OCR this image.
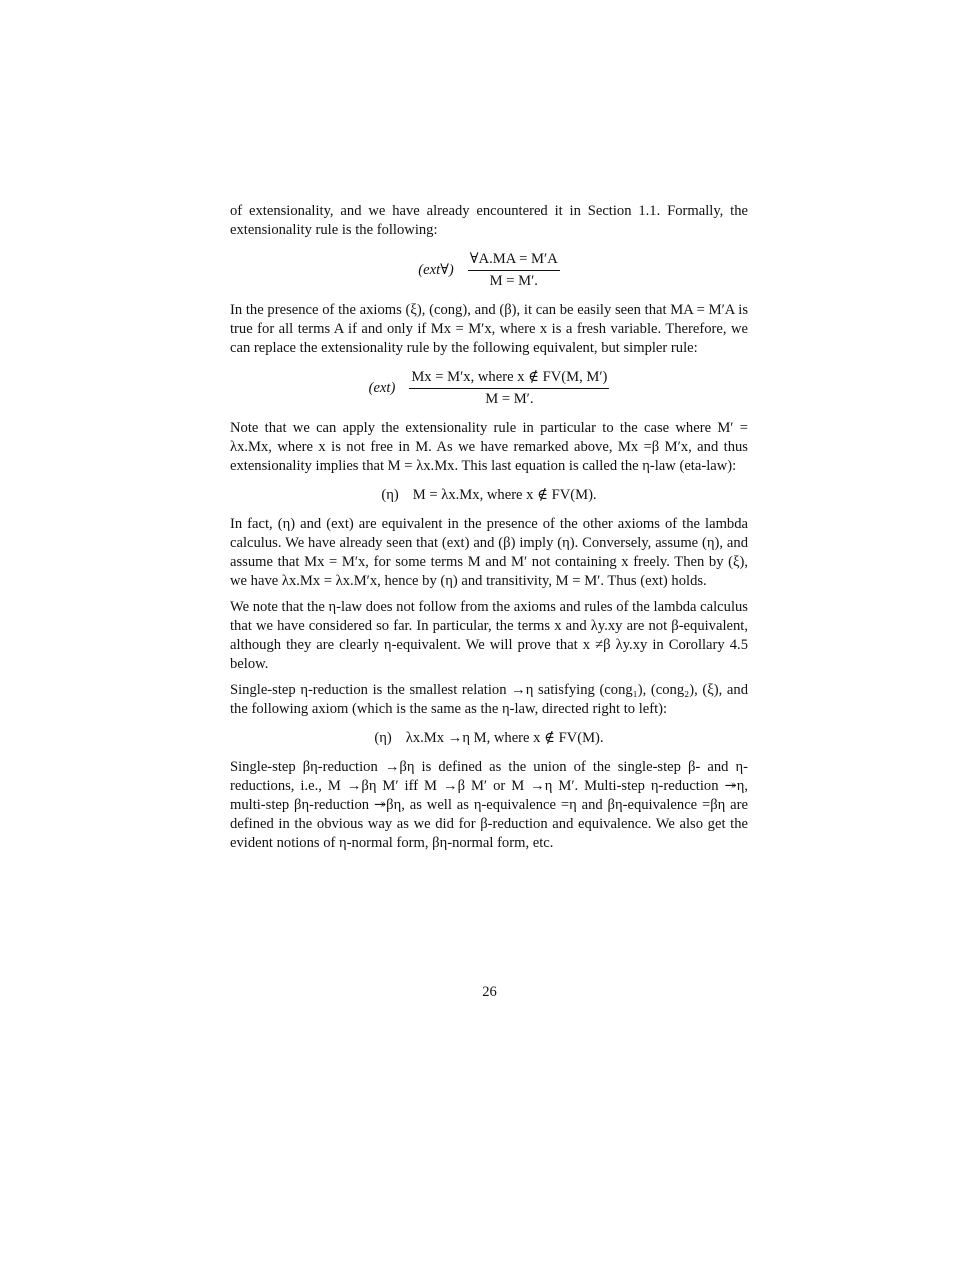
of extensionality, and we have already encountered it in Section 1.1. Formally, the extensionality rule is the following:

(ext∀) $\frac{\forall A.MA = M'A}{M = M'.}$

In the presence of the axioms (ξ), (cong), and (β), it can be easily seen that MA = M′A is true for all terms A if and only if Mx = M′x, where x is a fresh variable. Therefore, we can replace the extensionality rule by the following equivalent, but simpler rule:

$(ext) \frac{\text{Mx = M′x, where x ∉ FV(M, M′)}}{M = M'.}$

Note that we can apply the extensionality rule in particular to the case where M′ = λx.Mx, where x is not free in M. As we have remarked above, Mx =β M′x, and thus extensionality implies that M = λx.Mx. This last equation is called the η-law (eta-law):

(η) M = λx.Mx, where x ∉ FV(M).

In fact, (η) and (ext) are equivalent in the presence of the other axioms of the lambda calculus. We have already seen that (ext) and (β) imply (η). Conversely, assume (η), and assume that Mx = M′x, for some terms M and M′ not containing x freely. Then by (ξ), we have λx.Mx = λx.M′x, hence by (η) and transitivity, M = M′. Thus (ext) holds.

We note that the η-law does not follow from the axioms and rules of the lambda calculus that we have considered so far. In particular, the terms x and λy.xy are not β-equivalent, although they are clearly η-equivalent. We will prove that x ≠β λy.xy in Corollary 4.5 below.

Single-step η-reduction is the smallest relation →η satisfying (cong₁), (cong₂), (ξ), and the following axiom (which is the same as the η-law, directed right to left):

(η) λx.Mx →η M, where x ∉ FV(M).

Single-step βη-reduction →βη is defined as the union of the single-step β- and η-reductions, i.e., M →βη M′ iff M →β M′ or M →η M′. Multi-step η-reduction ↠η, multi-step βη-reduction ↠βη, as well as η-equivalence =η and βη-equivalence =βη are defined in the obvious way as we did for β-reduction and equivalence. We also get the evident notions of η-normal form, βη-normal form, etc.

26
